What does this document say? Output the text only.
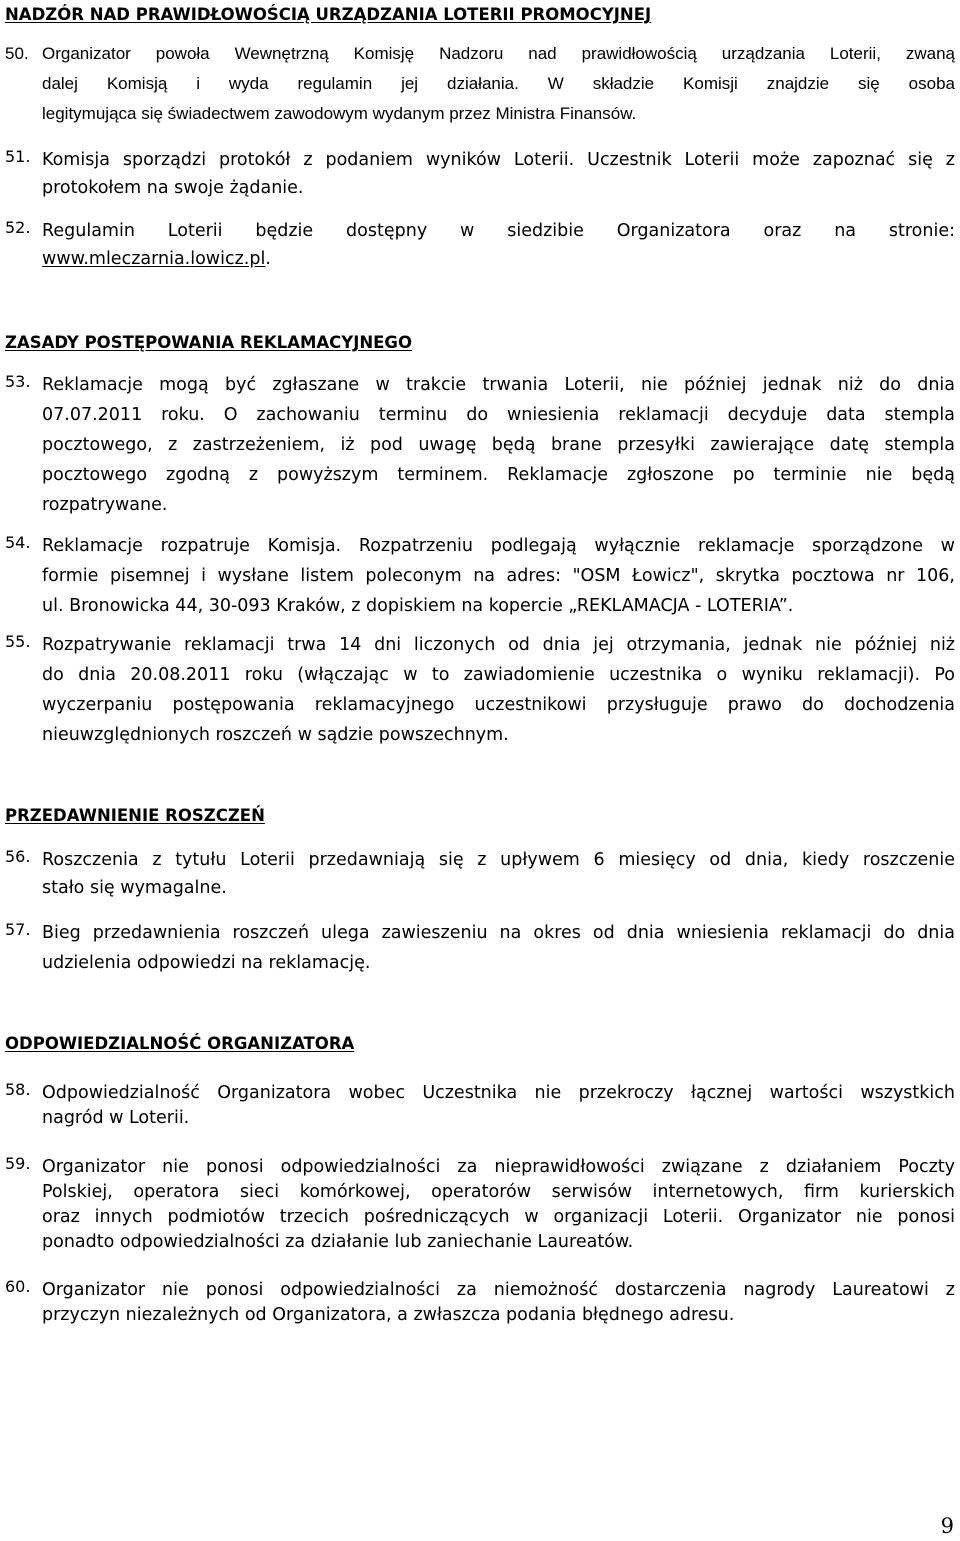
NADZÓR NAD PRAWIDŁOWOŚCIĄ URZĄDZANIA LOTERII PROMOCYJNEJ
50. Organizator powoła Wewnętrzną Komisję Nadzoru nad prawidłowością urządzania Loterii, zwaną
dalej Komisją i wyda regulamin jej działania. W składzie Komisji znajdzie się osoba
legitymująca się świadectwem zawodowym wydanym przez Ministra Finansów.
51. Komisja sporządzi protokół z podaniem wyników Loterii. Uczestnik Loterii może zapoznać się z
protokołem na swoje żądanie.
52. Regulamin Loterii będzie dostępny w siedzibie Organizatora oraz na stronie:
www.mleczarnia.lowicz.pl.
ZASADY POSTĘPOWANIA REKLAMACYJNEGO
53. Reklamacje mogą być zgłaszane w trakcie trwania Loterii, nie później jednak niż do dnia
07.07.2011 roku. O zachowaniu terminu do wniesienia reklamacji decyduje data stempla
pocztowego, z zastrzeżeniem, iż pod uwagę będą brane przesyłki zawierające datę stempla
pocztowego zgodną z powyższym terminem. Reklamacje zgłoszone po terminie nie będą
rozpatrywane.
54. Reklamacje rozpatruje Komisja. Rozpatrzeniu podlegają wyłącznie reklamacje sporządzone w
formie pisemnej i wysłane listem poleconym na adres: "OSM Łowicz", skrytka pocztowa nr 106,
ul. Bronowicka 44, 30-093 Kraków, z dopiskiem na kopercie „REKLAMACJA - LOTERIA”.
55. Rozpatrywanie reklamacji trwa 14 dni liczonych od dnia jej otrzymania, jednak nie później niż
do dnia 20.08.2011 roku (włączając w to zawiadomienie uczestnika o wyniku reklamacji). Po
wyczerpaniu postępowania reklamacyjnego uczestnikowi przysługuje prawo do dochodzenia
nieuwzględnionych roszczeń w sądzie powszechnym.
PRZEDAWNIENIE ROSZCZEŃ
56. Roszczenia z tytułu Loterii przedawniają się z upływem 6 miesięcy od dnia, kiedy roszczenie
stało się wymagalne.
57. Bieg przedawnienia roszczeń ulega zawieszeniu na okres od dnia wniesienia reklamacji do dnia
udzielenia odpowiedzi na reklamację.
ODPOWIEDZIALNOŚĆ ORGANIZATORA
58. Odpowiedzialność Organizatora wobec Uczestnika nie przekroczy łącznej wartości wszystkich
nagród w Loterii.
59. Organizator nie ponosi odpowiedzialności za nieprawidłowości związane z działaniem Poczty
Polskiej, operatora sieci komórkowej, operatorów serwisów internetowych, firm kurierskich
oraz innych podmiotów trzecich pośredniczących w organizacji Loterii. Organizator nie ponosi
ponadto odpowiedzialności za działanie lub zaniechanie Laureatów.
60. Organizator nie ponosi odpowiedzialności za niemożność dostarczenia nagrody Laureatowi z
przyczyn niezależnych od Organizatora, a zwłaszcza podania błędnego adresu.
9
